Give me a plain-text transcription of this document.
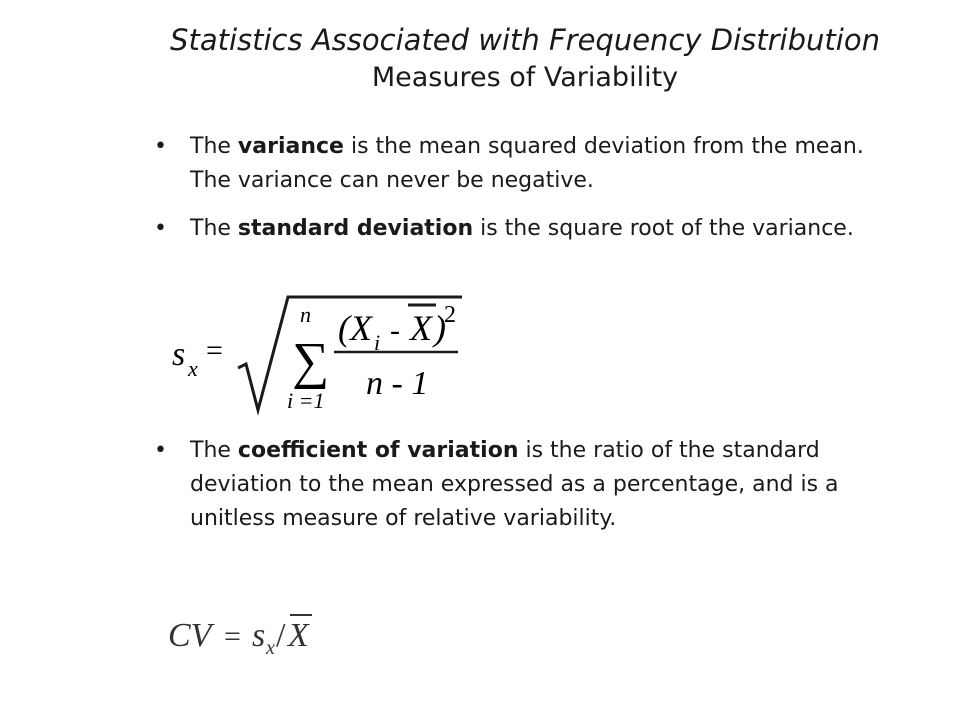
Statistics Associated with Frequency Distribution
Measures of Variability
• The variance is the mean squared deviation from the mean. The variance can never be negative.
• The standard deviation is the square root of the variance.
• The coefficient of variation is the ratio of the standard deviation to the mean expressed as a percentage, and is a unitless measure of relative variability.
s x
=
n
∑
i =1
(X i - X )
2
n - 1
CV = s x / X
